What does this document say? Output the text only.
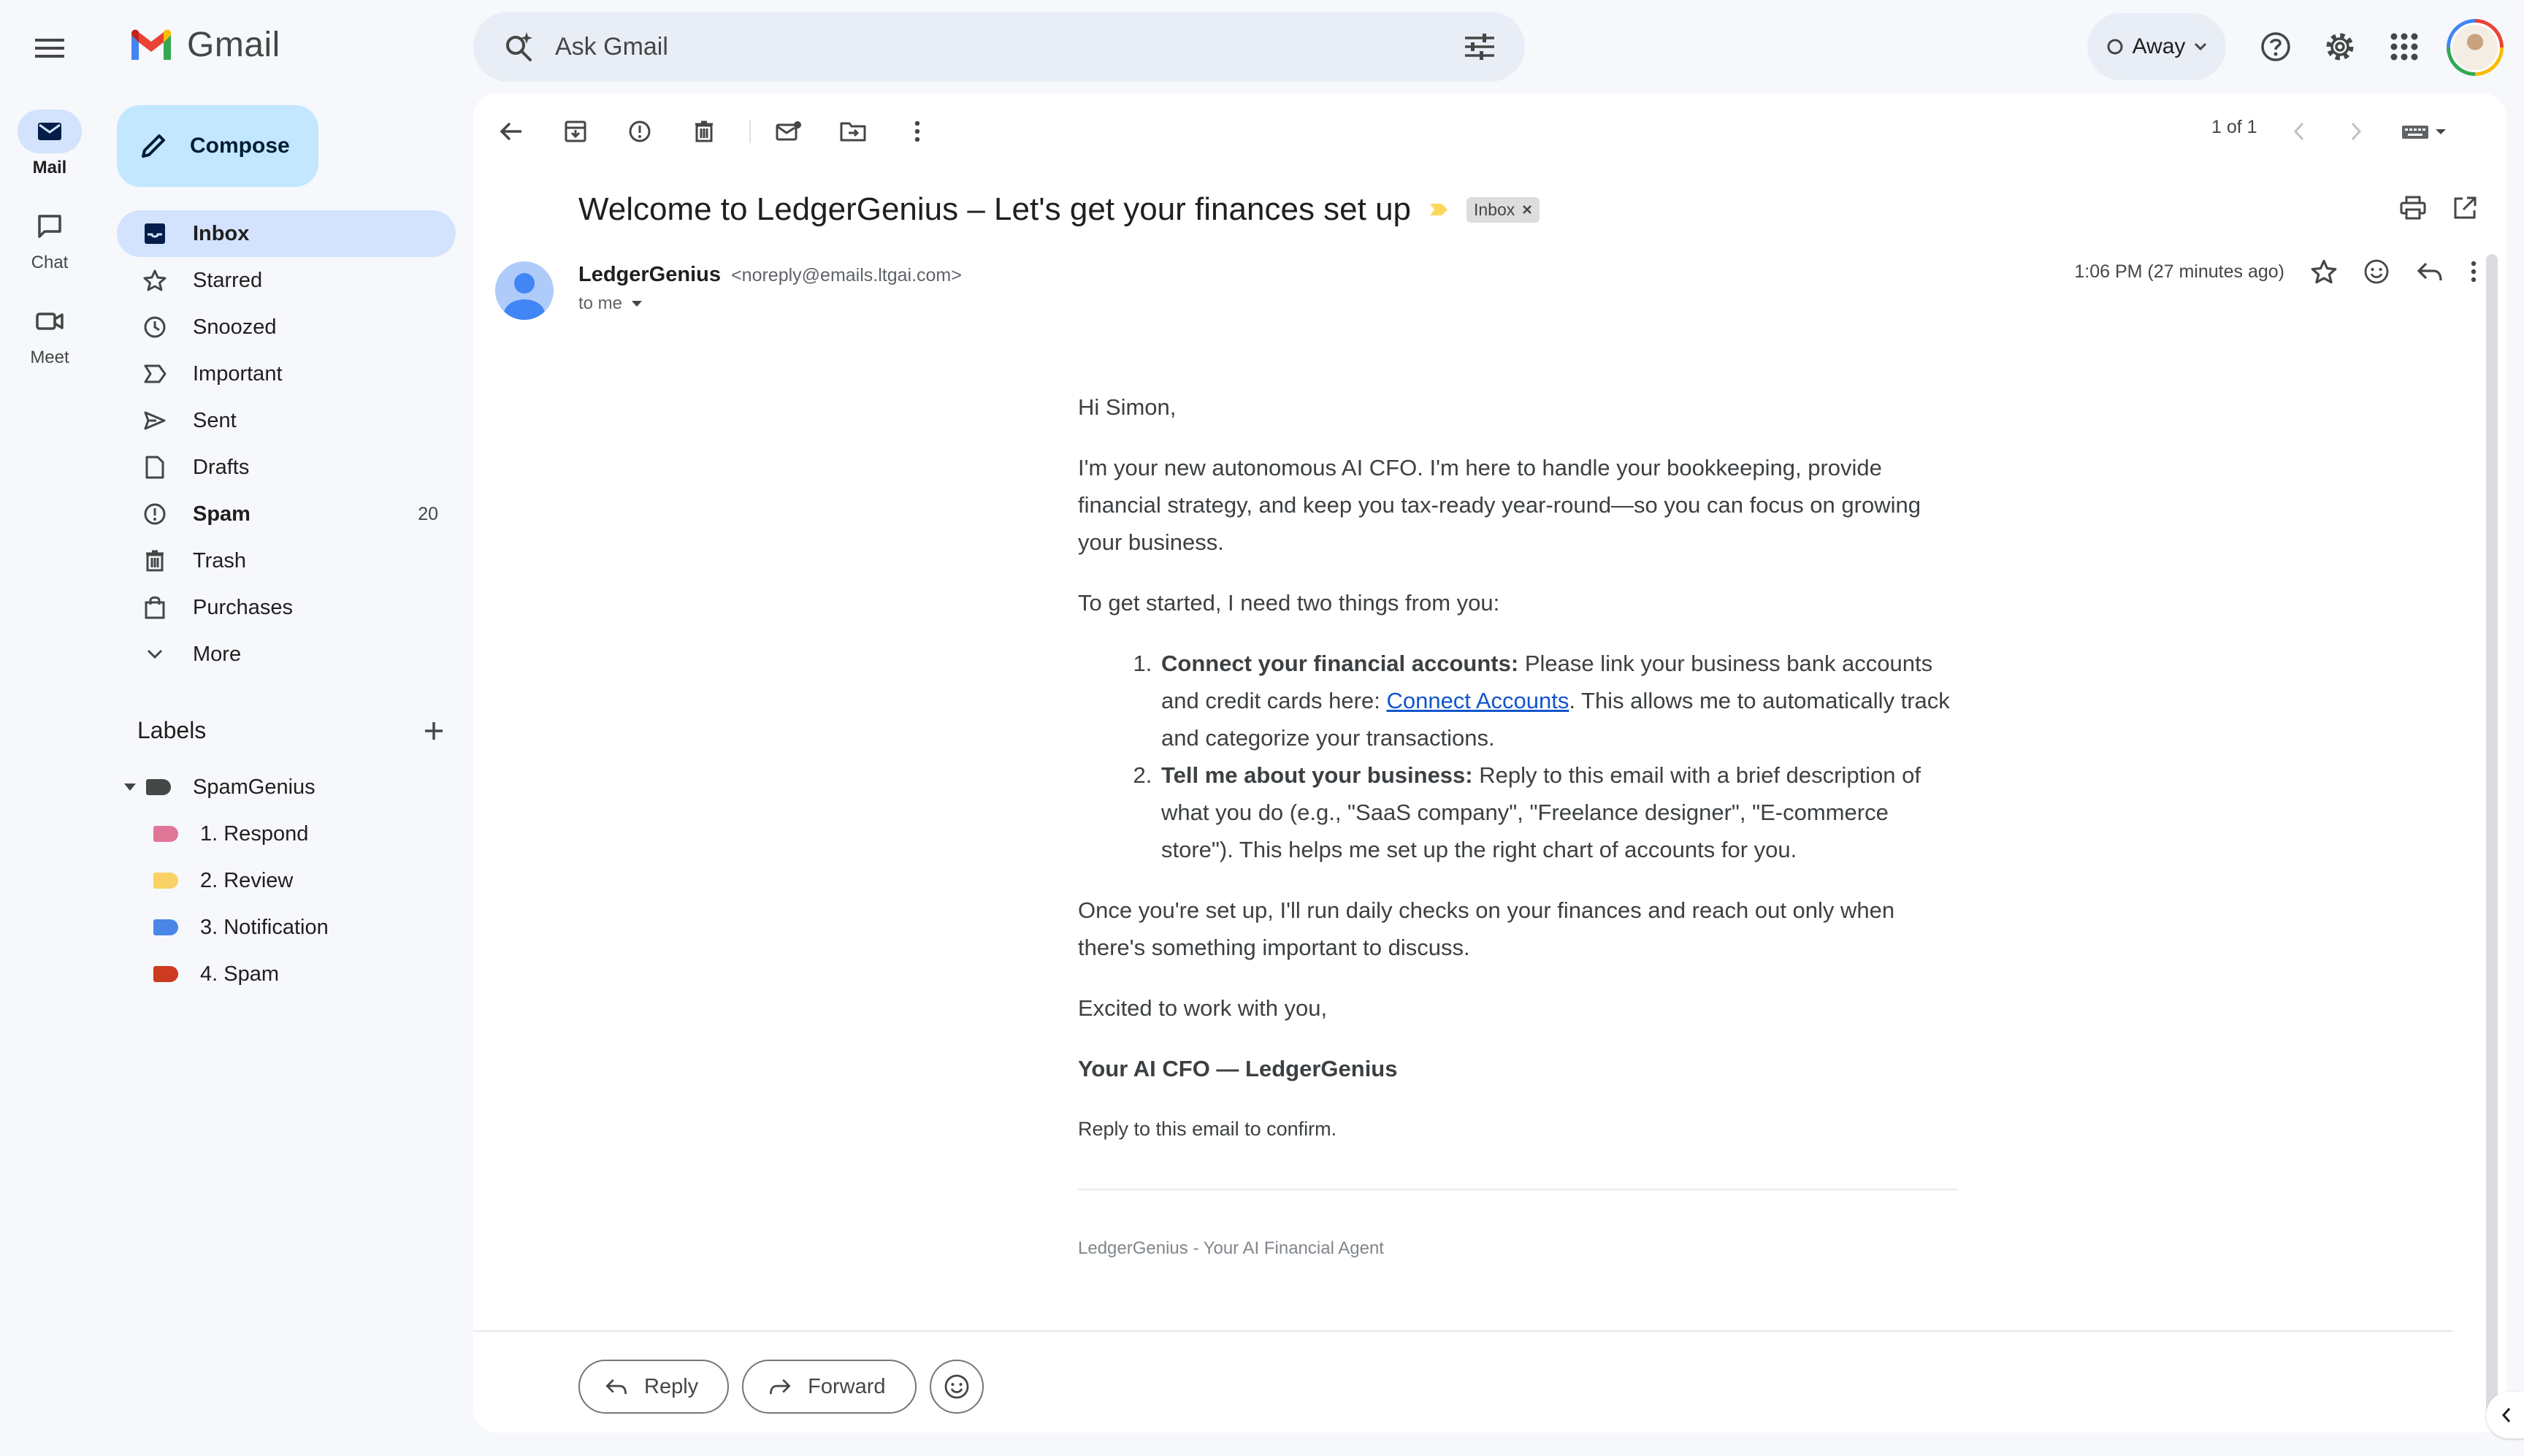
Gmail	Ask Gmail	Away
Mail
Chat
Meet
Compose
Inbox
Starred
Snoozed
Important
Sent
Drafts
Spam	20
Trash
Purchases
More
Labels
SpamGenius
1. Respond
2. Review
3. Notification
4. Spam
1 of 1
Welcome to LedgerGenius – Let's get your finances set up	Inbox
LedgerGenius <noreply@emails.ltgai.com>
to me
1:06 PM (27 minutes ago)

Hi Simon,

I'm your new autonomous AI CFO. I'm here to handle your bookkeeping, provide financial strategy, and keep you tax-ready year-round—so you can focus on growing your business.

To get started, I need two things from you:

1. Connect your financial accounts: Please link your business bank accounts and credit cards here: Connect Accounts. This allows me to automatically track and categorize your transactions.
2. Tell me about your business: Reply to this email with a brief description of what you do (e.g., "SaaS company", "Freelance designer", "E-commerce store"). This helps me set up the right chart of accounts for you.

Once you're set up, I'll run daily checks on your finances and reach out only when there's something important to discuss.

Excited to work with you,

Your AI CFO — LedgerGenius

Reply to this email to confirm.

LedgerGenius - Your AI Financial Agent

Reply	Forward
